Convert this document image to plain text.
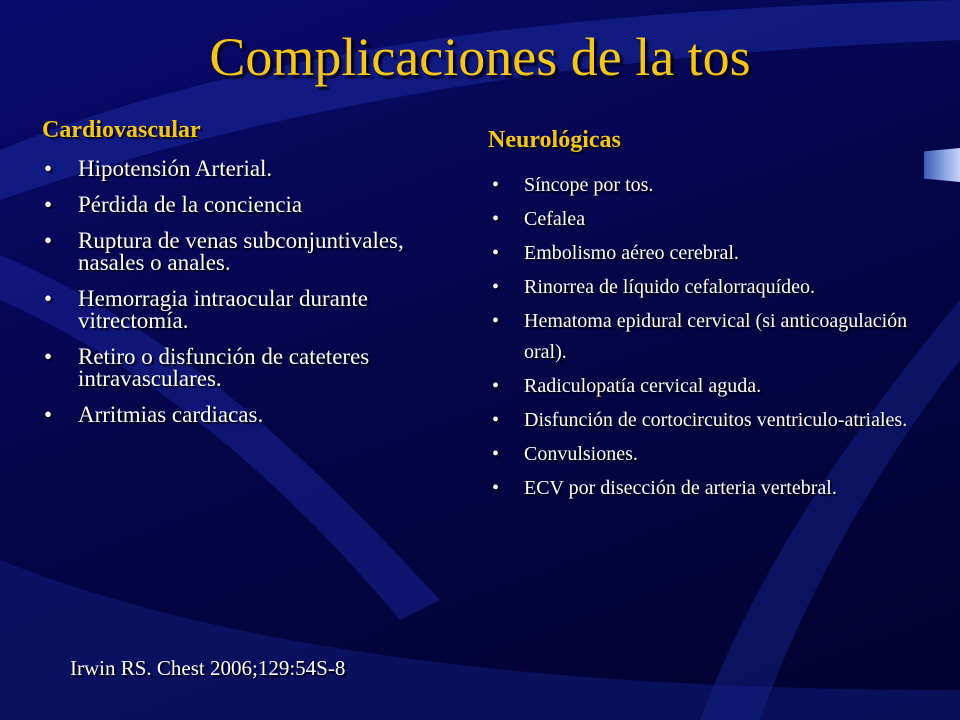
Complicaciones de la tos
Cardiovascular
• Hipotensión Arterial.
• Pérdida de la conciencia
• Ruptura de venas subconjuntivales, nasales o anales.
• Hemorragia intraocular durante vitrectomía.
• Retiro o disfunción de cateteres intravasculares.
• Arritmias cardiacas.
Neurológicas
• Síncope por tos.
• Cefalea
• Embolismo aéreo cerebral.
• Rinorrea de líquido cefalorraquídeo.
• Hematoma epidural cervical (si anticoagulación oral).
• Radiculopatía cervical aguda.
• Disfunción de cortocircuitos ventriculo-atriales.
• Convulsiones.
• ECV por disección de arteria vertebral.
Irwin RS. Chest 2006;129:54S-8
